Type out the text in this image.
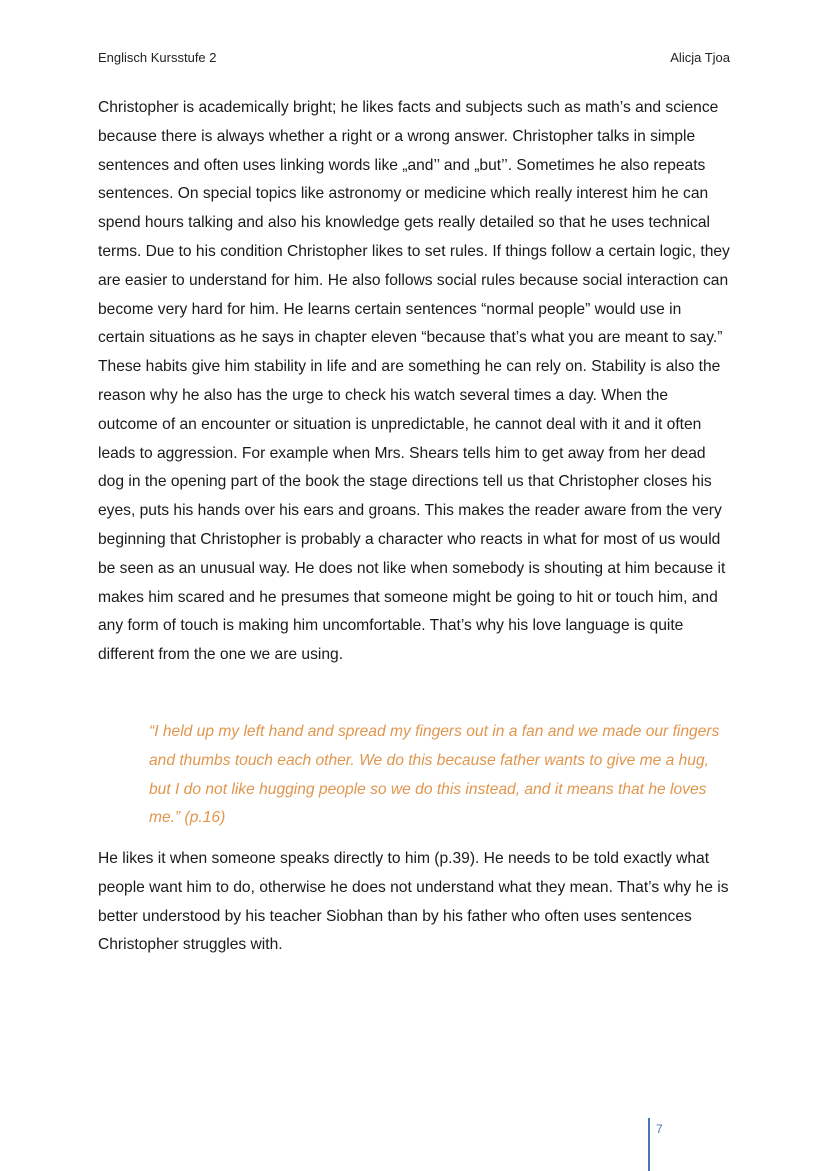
Englisch Kursstufe 2	Alicja Tjoa

Christopher is academically bright; he likes facts and subjects such as math’s and science because there is always whether a right or a wrong answer. Christopher talks in simple sentences and often uses linking words like „and’’ and „but’’. Sometimes he also repeats sentences. On special topics like astronomy or medicine which really interest him he can spend hours talking and also his knowledge gets really detailed so that he uses technical terms. Due to his condition Christopher likes to set rules. If things follow a certain logic, they are easier to understand for him. He also follows social rules because social interaction can become very hard for him. He learns certain sentences “normal people” would use in certain situations as he says in chapter eleven “because that’s what you are meant to say.” These habits give him stability in life and are something he can rely on. Stability is also the reason why he also has the urge to check his watch several times a day. When the outcome of an encounter or situation is unpredictable, he cannot deal with it and it often leads to aggression. For example when Mrs. Shears tells him to get away from her dead dog in the opening part of the book the stage directions tell us that Christopher closes his eyes, puts his hands over his ears and groans. This makes the reader aware from the very beginning that Christopher is probably a character who reacts in what for most of us would be seen as an unusual way. He does not like when somebody is shouting at him because it makes him scared and he presumes that someone might be going to hit or touch him, and any form of touch is making him uncomfortable. That’s why his love language is quite different from the one we are using.

“I held up my left hand and spread my fingers out in a fan and we made our fingers and thumbs touch each other. We do this because father wants to give me a hug, but I do not like hugging people so we do this instead, and it means that he loves me.” (p.16)

He likes it when someone speaks directly to him (p.39). He needs to be told exactly what people want him to do, otherwise he does not understand what they mean. That’s why he is better understood by his teacher Siobhan than by his father who often uses sentences Christopher struggles with.

7
